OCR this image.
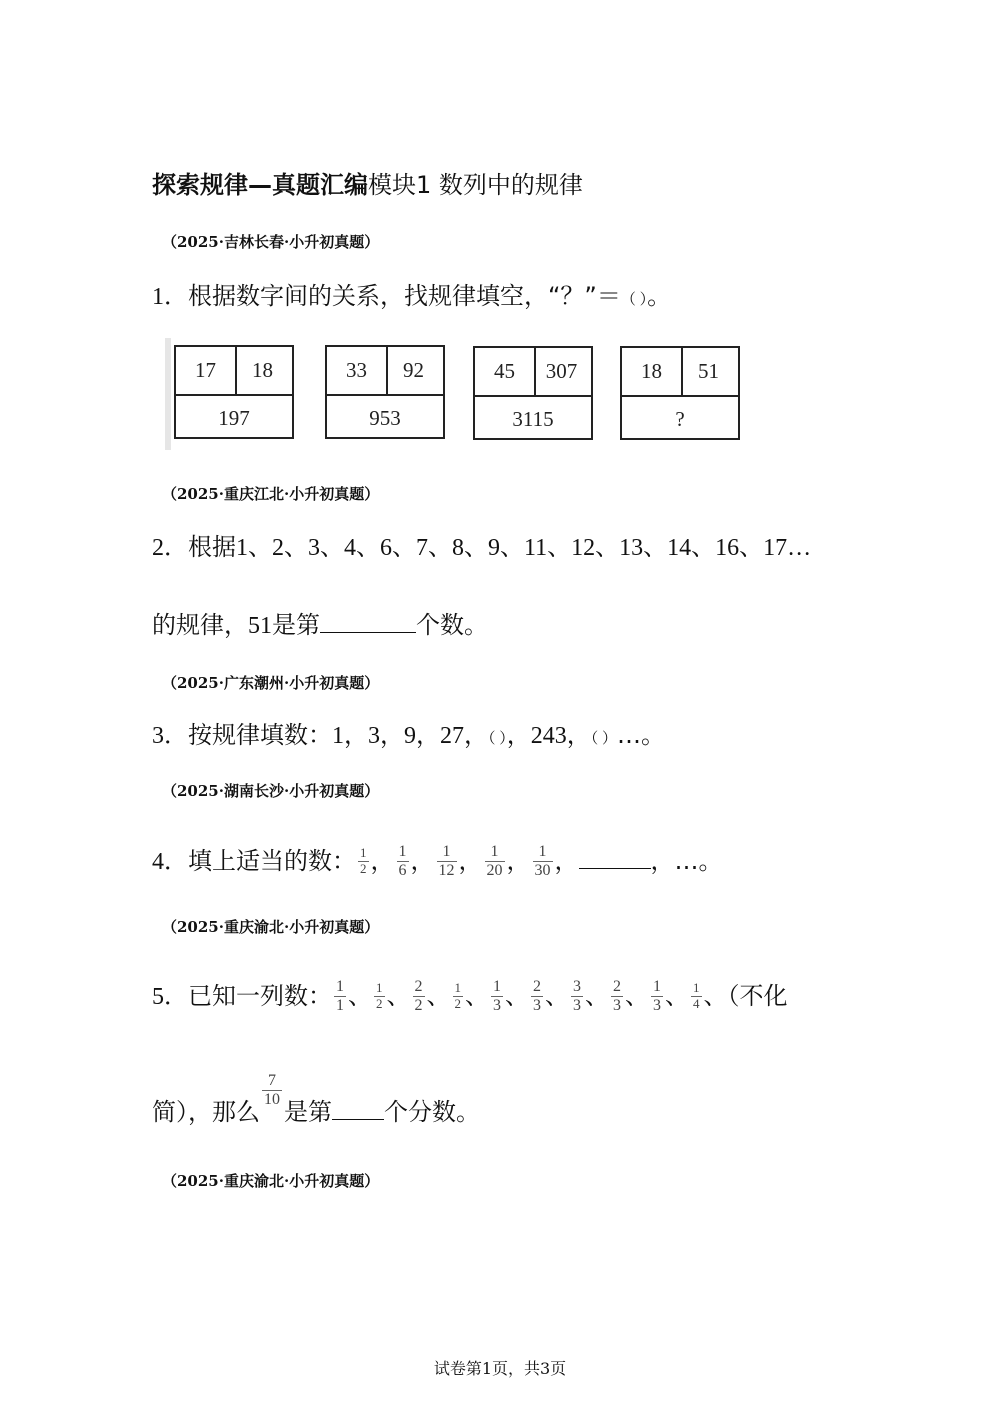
探索规律—真题汇编模块1 数列中的规律
（2025·吉林长春·小升初真题）
1．根据数字间的关系，找规律填空，“？”＝（ ）。
17	18
197
33	92
953
45	307
3115
18	51
?
（2025·重庆江北·小升初真题）
2．根据1、2、3、4、6、7、8、9、11、12、13、14、16、17…
的规律，51是第	个数。
（2025·广东潮州·小升初真题）
3．按规律填数：1，3，9，27，（ ），243，（ ）…。
（2025·湖南长沙·小升初真题）
4．填上适当的数： $\frac{1}{2}$ ， $\frac{1}{6}$ ， $\frac{1}{12}$ ， $\frac{1}{20}$ ， $\frac{1}{30}$ ，	，…。
（2025·重庆渝北·小升初真题）
5．已知一列数： $\frac{1}{1}$ 、 $\frac{1}{2}$ 、 $\frac{2}{2}$ 、 $\frac{1}{2}$ 、 $\frac{1}{3}$ 、 $\frac{2}{3}$ 、 $\frac{3}{3}$ 、 $\frac{2}{3}$ 、 $\frac{1}{3}$ 、 $\frac{1}{4}$ 、（不化
简），那么
$\frac{7}{10}$
是第 个分数。
（2025·重庆渝北·小升初真题）
试卷第1页，共3页
